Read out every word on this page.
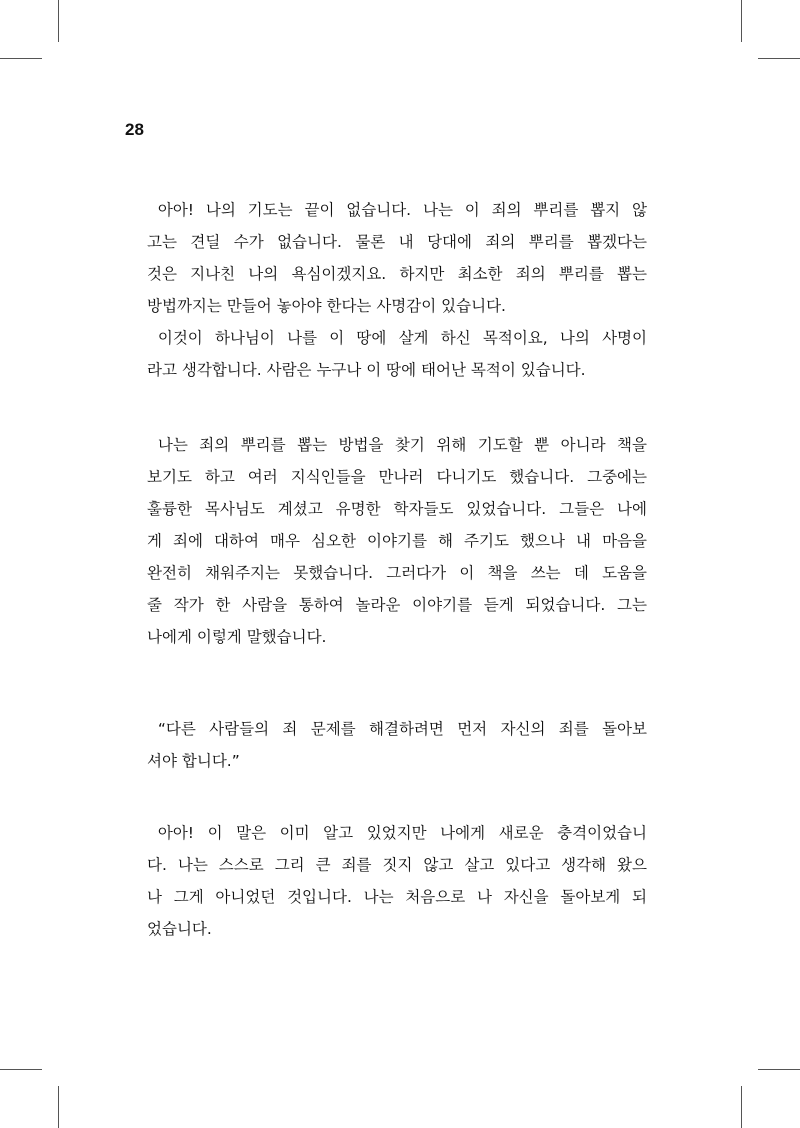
28
아아! 나의 기도는 끝이 없습니다. 나는 이 죄의 뿌리를 뽑지 않
고는 견딜 수가 없습니다. 물론 내 당대에 죄의 뿌리를 뽑겠다는
것은 지나친 나의 욕심이겠지요. 하지만 최소한 죄의 뿌리를 뽑는
방법까지는 만들어 놓아야 한다는 사명감이 있습니다.
이것이 하나님이 나를 이 땅에 살게 하신 목적이요, 나의 사명이
라고 생각합니다. 사람은 누구나 이 땅에 태어난 목적이 있습니다.
나는 죄의 뿌리를 뽑는 방법을 찾기 위해 기도할 뿐 아니라 책을
보기도 하고 여러 지식인들을 만나러 다니기도 했습니다. 그중에는
훌륭한 목사님도 계셨고 유명한 학자들도 있었습니다. 그들은 나에
게 죄에 대하여 매우 심오한 이야기를 해 주기도 했으나 내 마음을
완전히 채워주지는 못했습니다. 그러다가 이 책을 쓰는 데 도움을
줄 작가 한 사람을 통하여 놀라운 이야기를 듣게 되었습니다. 그는
나에게 이렇게 말했습니다.
“다른 사람들의 죄 문제를 해결하려면 먼저 자신의 죄를 돌아보
셔야 합니다.”
아아! 이 말은 이미 알고 있었지만 나에게 새로운 충격이었습니
다. 나는 스스로 그리 큰 죄를 짓지 않고 살고 있다고 생각해 왔으
나 그게 아니었던 것입니다. 나는 처음으로 나 자신을 돌아보게 되
었습니다.
